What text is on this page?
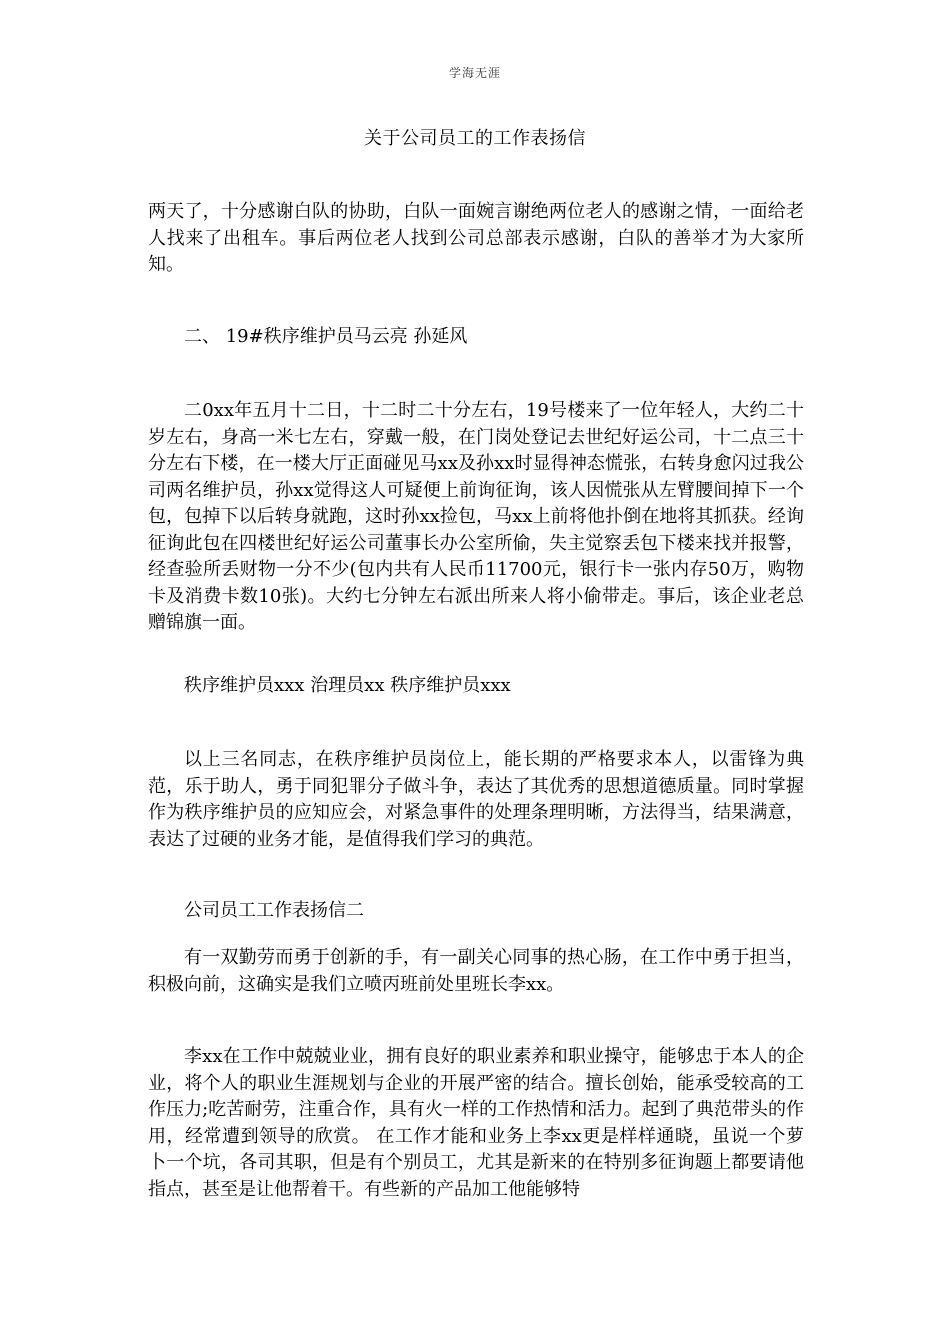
学海无涯
关于公司员工的工作表扬信

两天了，十分感谢白队的协助，白队一面婉言谢绝两位老人的感谢之情，一面给老人找来了出租车。事后两位老人找到公司总部表示感谢，白队的善举才为大家所知。

二、 19#秩序维护员马云亮 孙延风

二0xx年五月十二日，十二时二十分左右，19号楼来了一位年轻人，大约二十岁左右，身高一米七左右，穿戴一般，在门岗处登记去世纪好运公司，十二点三十分左右下楼，在一楼大厅正面碰见马xx及孙xx时显得神态慌张，右转身愈闪过我公司两名维护员，孙xx觉得这人可疑便上前询征询，该人因慌张从左臂腰间掉下一个包，包掉下以后转身就跑，这时孙xx捡包，马xx上前将他扑倒在地将其抓获。经询征询此包在四楼世纪好运公司董事长办公室所偷，失主觉察丢包下楼来找并报警，经查验所丢财物一分不少(包内共有人民币11700元，银行卡一张内存50万，购物卡及消费卡数10张)。大约七分钟左右派出所来人将小偷带走。事后，该企业老总赠锦旗一面。

秩序维护员xxx 治理员xx 秩序维护员xxx

以上三名同志，在秩序维护员岗位上，能长期的严格要求本人，以雷锋为典范，乐于助人，勇于同犯罪分子做斗争，表达了其优秀的思想道德质量。同时掌握作为秩序维护员的应知应会，对紧急事件的处理条理明晰，方法得当，结果满意，表达了过硬的业务才能，是值得我们学习的典范。

公司员工工作表扬信二

有一双勤劳而勇于创新的手，有一副关心同事的热心肠，在工作中勇于担当，积极向前，这确实是我们立喷丙班前处里班长李xx。

李xx在工作中兢兢业业，拥有良好的职业素养和职业操守，能够忠于本人的企业，将个人的职业生涯规划与企业的开展严密的结合。擅长创始，能承受较高的工作压力;吃苦耐劳，注重合作，具有火一样的工作热情和活力。起到了典范带头的作用，经常遭到领导的欣赏。 在工作才能和业务上李xx更是样样通晓，虽说一个萝卜一个坑，各司其职，但是有个别员工，尤其是新来的在特别多征询题上都要请他指点，甚至是让他帮着干。有些新的产品加工他能够特
